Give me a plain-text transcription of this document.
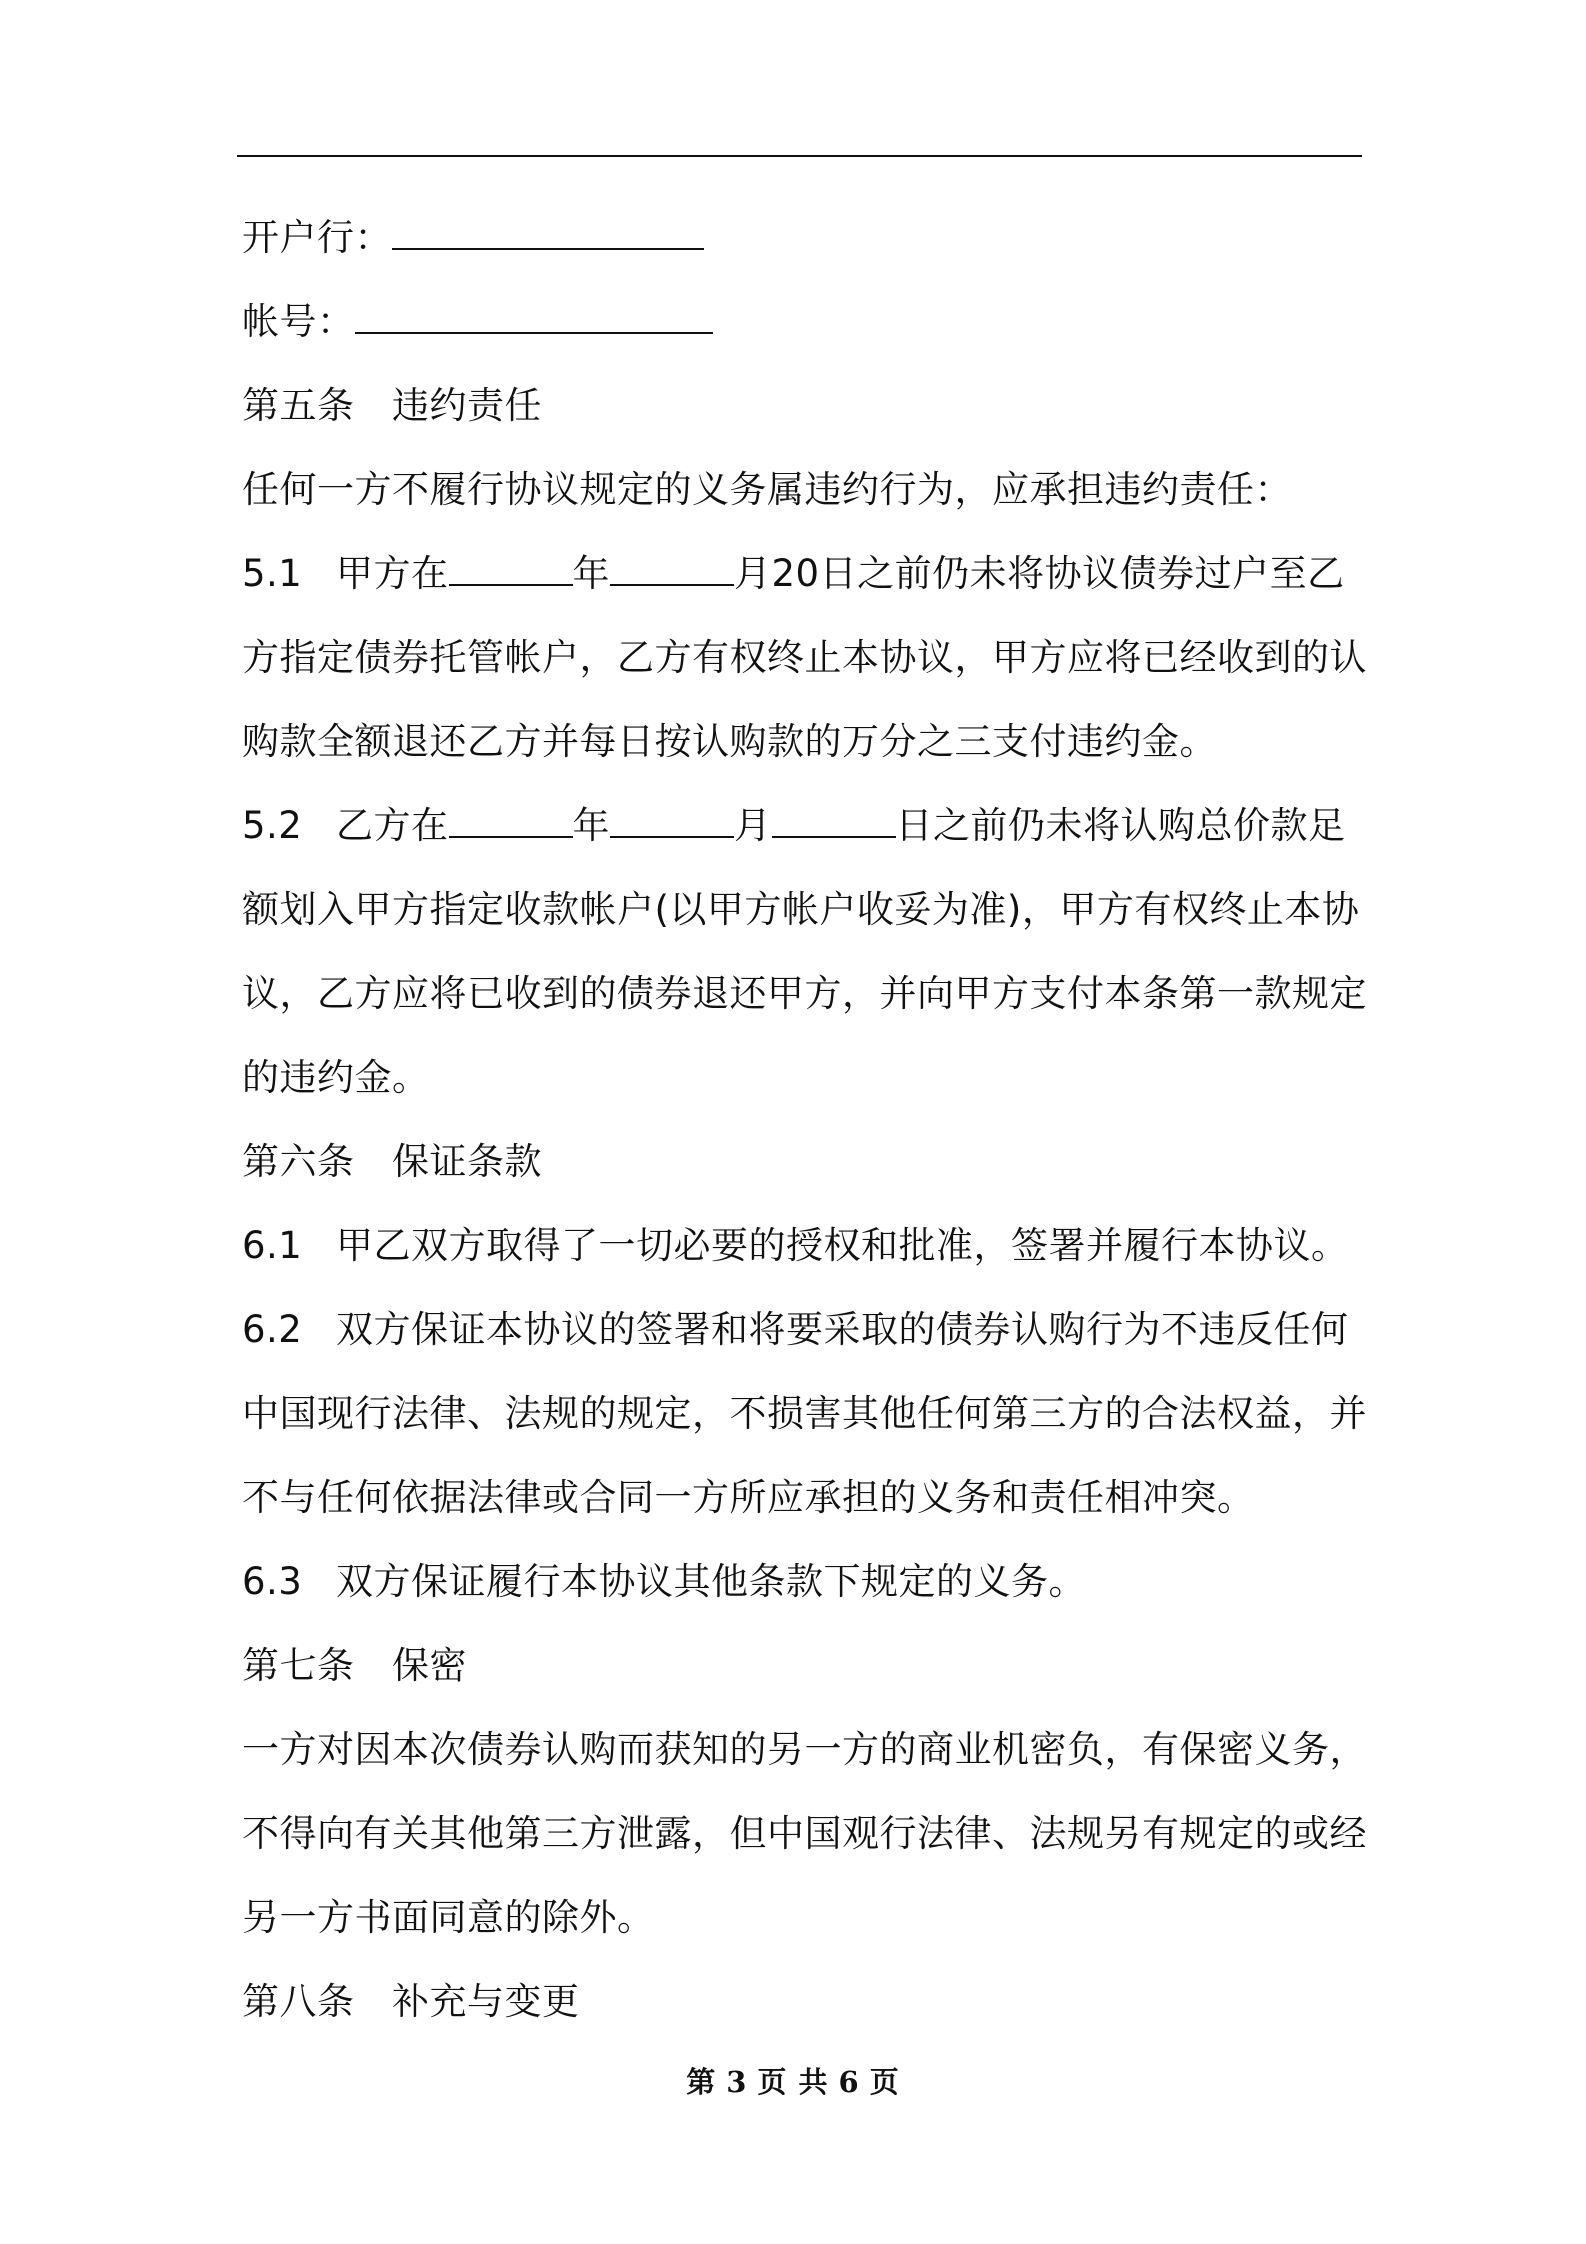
开户行：
帐号：
第五条 违约责任
任何一方不履行协议规定的义务属违约行为，应承担违约责任：
5.1 甲方在	年	月20日之前仍未将协议债券过户至乙
方指定债券托管帐户，乙方有权终止本协议，甲方应将已经收到的认
购款全额退还乙方并每日按认购款的万分之三支付违约金。
5.2 乙方在	年	月	日之前仍未将认购总价款足
额划入甲方指定收款帐户(以甲方帐户收妥为准)，甲方有权终止本协
议，乙方应将已收到的债券退还甲方，并向甲方支付本条第一款规定
的违约金。
第六条 保证条款
6.1 甲乙双方取得了一切必要的授权和批准，签署并履行本协议。
6.2 双方保证本协议的签署和将要采取的债券认购行为不违反任何
中国现行法律、法规的规定，不损害其他任何第三方的合法权益，并
不与任何依据法律或合同一方所应承担的义务和责任相冲突。
6.3 双方保证履行本协议其他条款下规定的义务。
第七条 保密
一方对因本次债券认购而获知的另一方的商业机密负，有保密义务，
不得向有关其他第三方泄露，但中国观行法律、法规另有规定的或经
另一方书面同意的除外。
第八条 补充与变更
第 3 页 共 6 页
